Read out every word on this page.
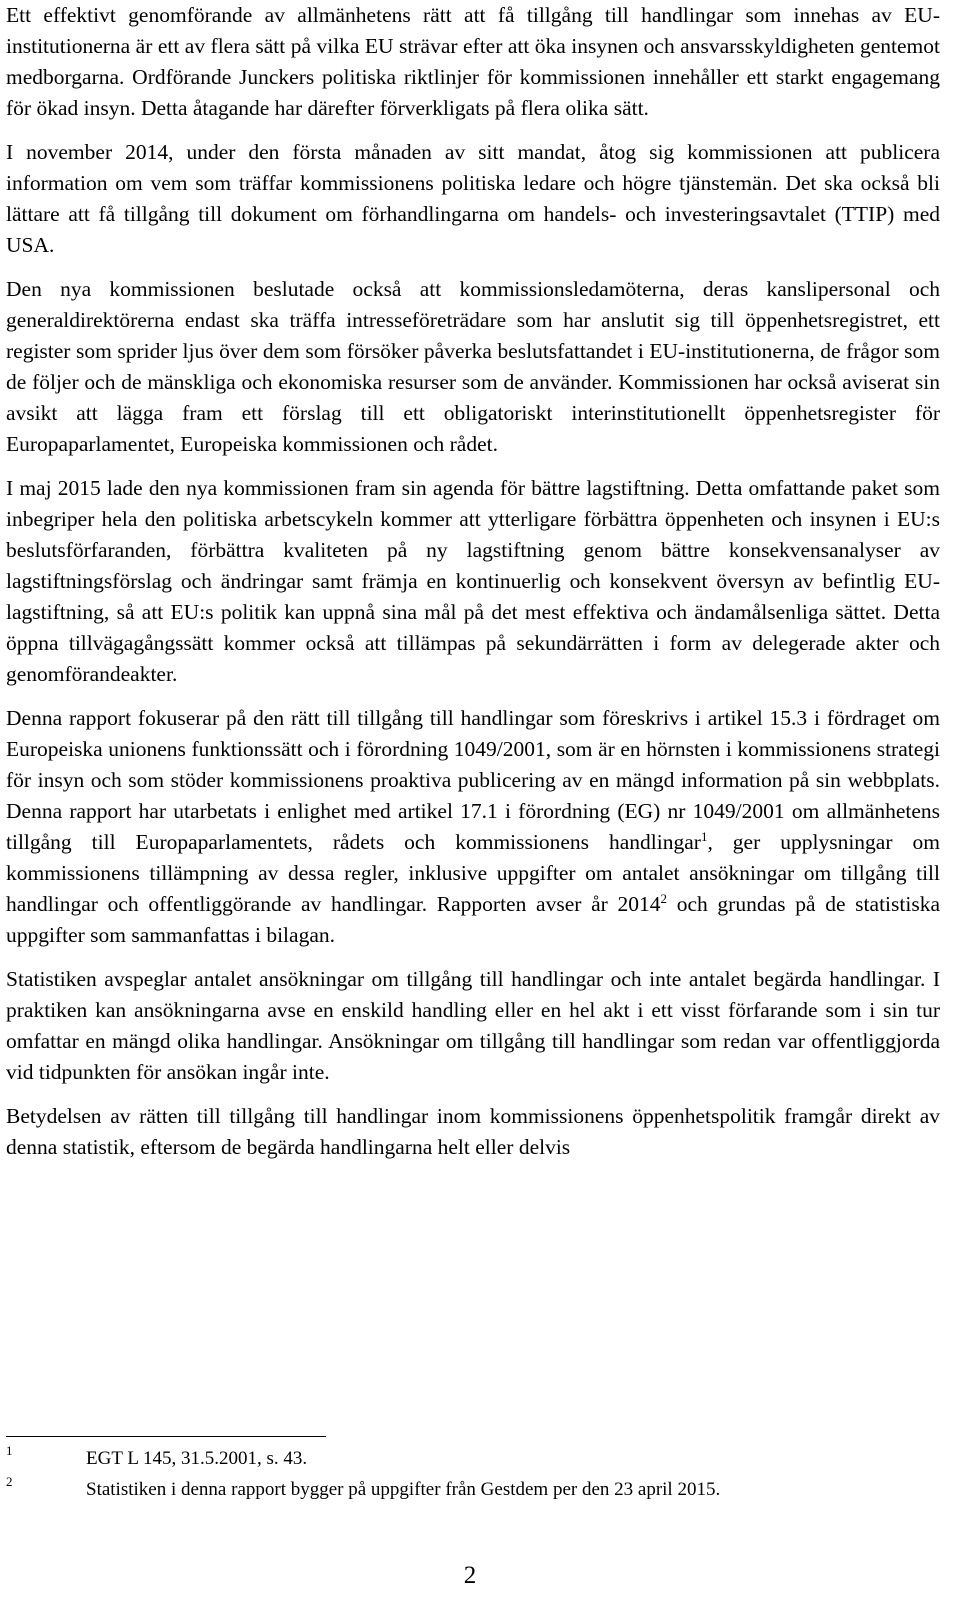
Ett effektivt genomförande av allmänhetens rätt att få tillgång till handlingar som innehas av EU-institutionerna är ett av flera sätt på vilka EU strävar efter att öka insynen och ansvarsskyldigheten gentemot medborgarna. Ordförande Junckers politiska riktlinjer för kommissionen innehåller ett starkt engagemang för ökad insyn. Detta åtagande har därefter förverkligats på flera olika sätt.

I november 2014, under den första månaden av sitt mandat, åtog sig kommissionen att publicera information om vem som träffar kommissionens politiska ledare och högre tjänstemän. Det ska också bli lättare att få tillgång till dokument om förhandlingarna om handels- och investeringsavtalet (TTIP) med USA.

Den nya kommissionen beslutade också att kommissionsledamöterna, deras kanslipersonal och generaldirektörerna endast ska träffa intresseföreträdare som har anslutit sig till öppenhetsregistret, ett register som sprider ljus över dem som försöker påverka beslutsfattandet i EU-institutionerna, de frågor som de följer och de mänskliga och ekonomiska resurser som de använder. Kommissionen har också aviserat sin avsikt att lägga fram ett förslag till ett obligatoriskt interinstitutionellt öppenhetsregister för Europaparlamentet, Europeiska kommissionen och rådet.

I maj 2015 lade den nya kommissionen fram sin agenda för bättre lagstiftning. Detta omfattande paket som inbegriper hela den politiska arbetscykeln kommer att ytterligare förbättra öppenheten och insynen i EU:s beslutsförfaranden, förbättra kvaliteten på ny lagstiftning genom bättre konsekvensanalyser av lagstiftningsförslag och ändringar samt främja en kontinuerlig och konsekvent översyn av befintlig EU-lagstiftning, så att EU:s politik kan uppnå sina mål på det mest effektiva och ändamålsenliga sättet. Detta öppna tillvägagångssätt kommer också att tillämpas på sekundärrätten i form av delegerade akter och genomförandeakter.

Denna rapport fokuserar på den rätt till tillgång till handlingar som föreskrivs i artikel 15.3 i fördraget om Europeiska unionens funktionssätt och i förordning 1049/2001, som är en hörnsten i kommissionens strategi för insyn och som stöder kommissionens proaktiva publicering av en mängd information på sin webbplats. Denna rapport har utarbetats i enlighet med artikel 17.1 i förordning (EG) nr 1049/2001 om allmänhetens tillgång till Europaparlamentets, rådets och kommissionens handlingar$^1$, ger upplysningar om kommissionens tillämpning av dessa regler, inklusive uppgifter om antalet ansökningar om tillgång till handlingar och offentliggörande av handlingar. Rapporten avser år 2014$^2$ och grundas på de statistiska uppgifter som sammanfattas i bilagan.

Statistiken avspeglar antalet ansökningar om tillgång till handlingar och inte antalet begärda handlingar. I praktiken kan ansökningarna avse en enskild handling eller en hel akt i ett visst förfarande som i sin tur omfattar en mängd olika handlingar. Ansökningar om tillgång till handlingar som redan var offentliggjorda vid tidpunkten för ansökan ingår inte.

Betydelsen av rätten till tillgång till handlingar inom kommissionens öppenhetspolitik framgår direkt av denna statistik, eftersom de begärda handlingarna helt eller delvis

1	EGT L 145, 31.5.2001, s. 43.
2	Statistiken i denna rapport bygger på uppgifter från Gestdem per den 23 april 2015.
2
